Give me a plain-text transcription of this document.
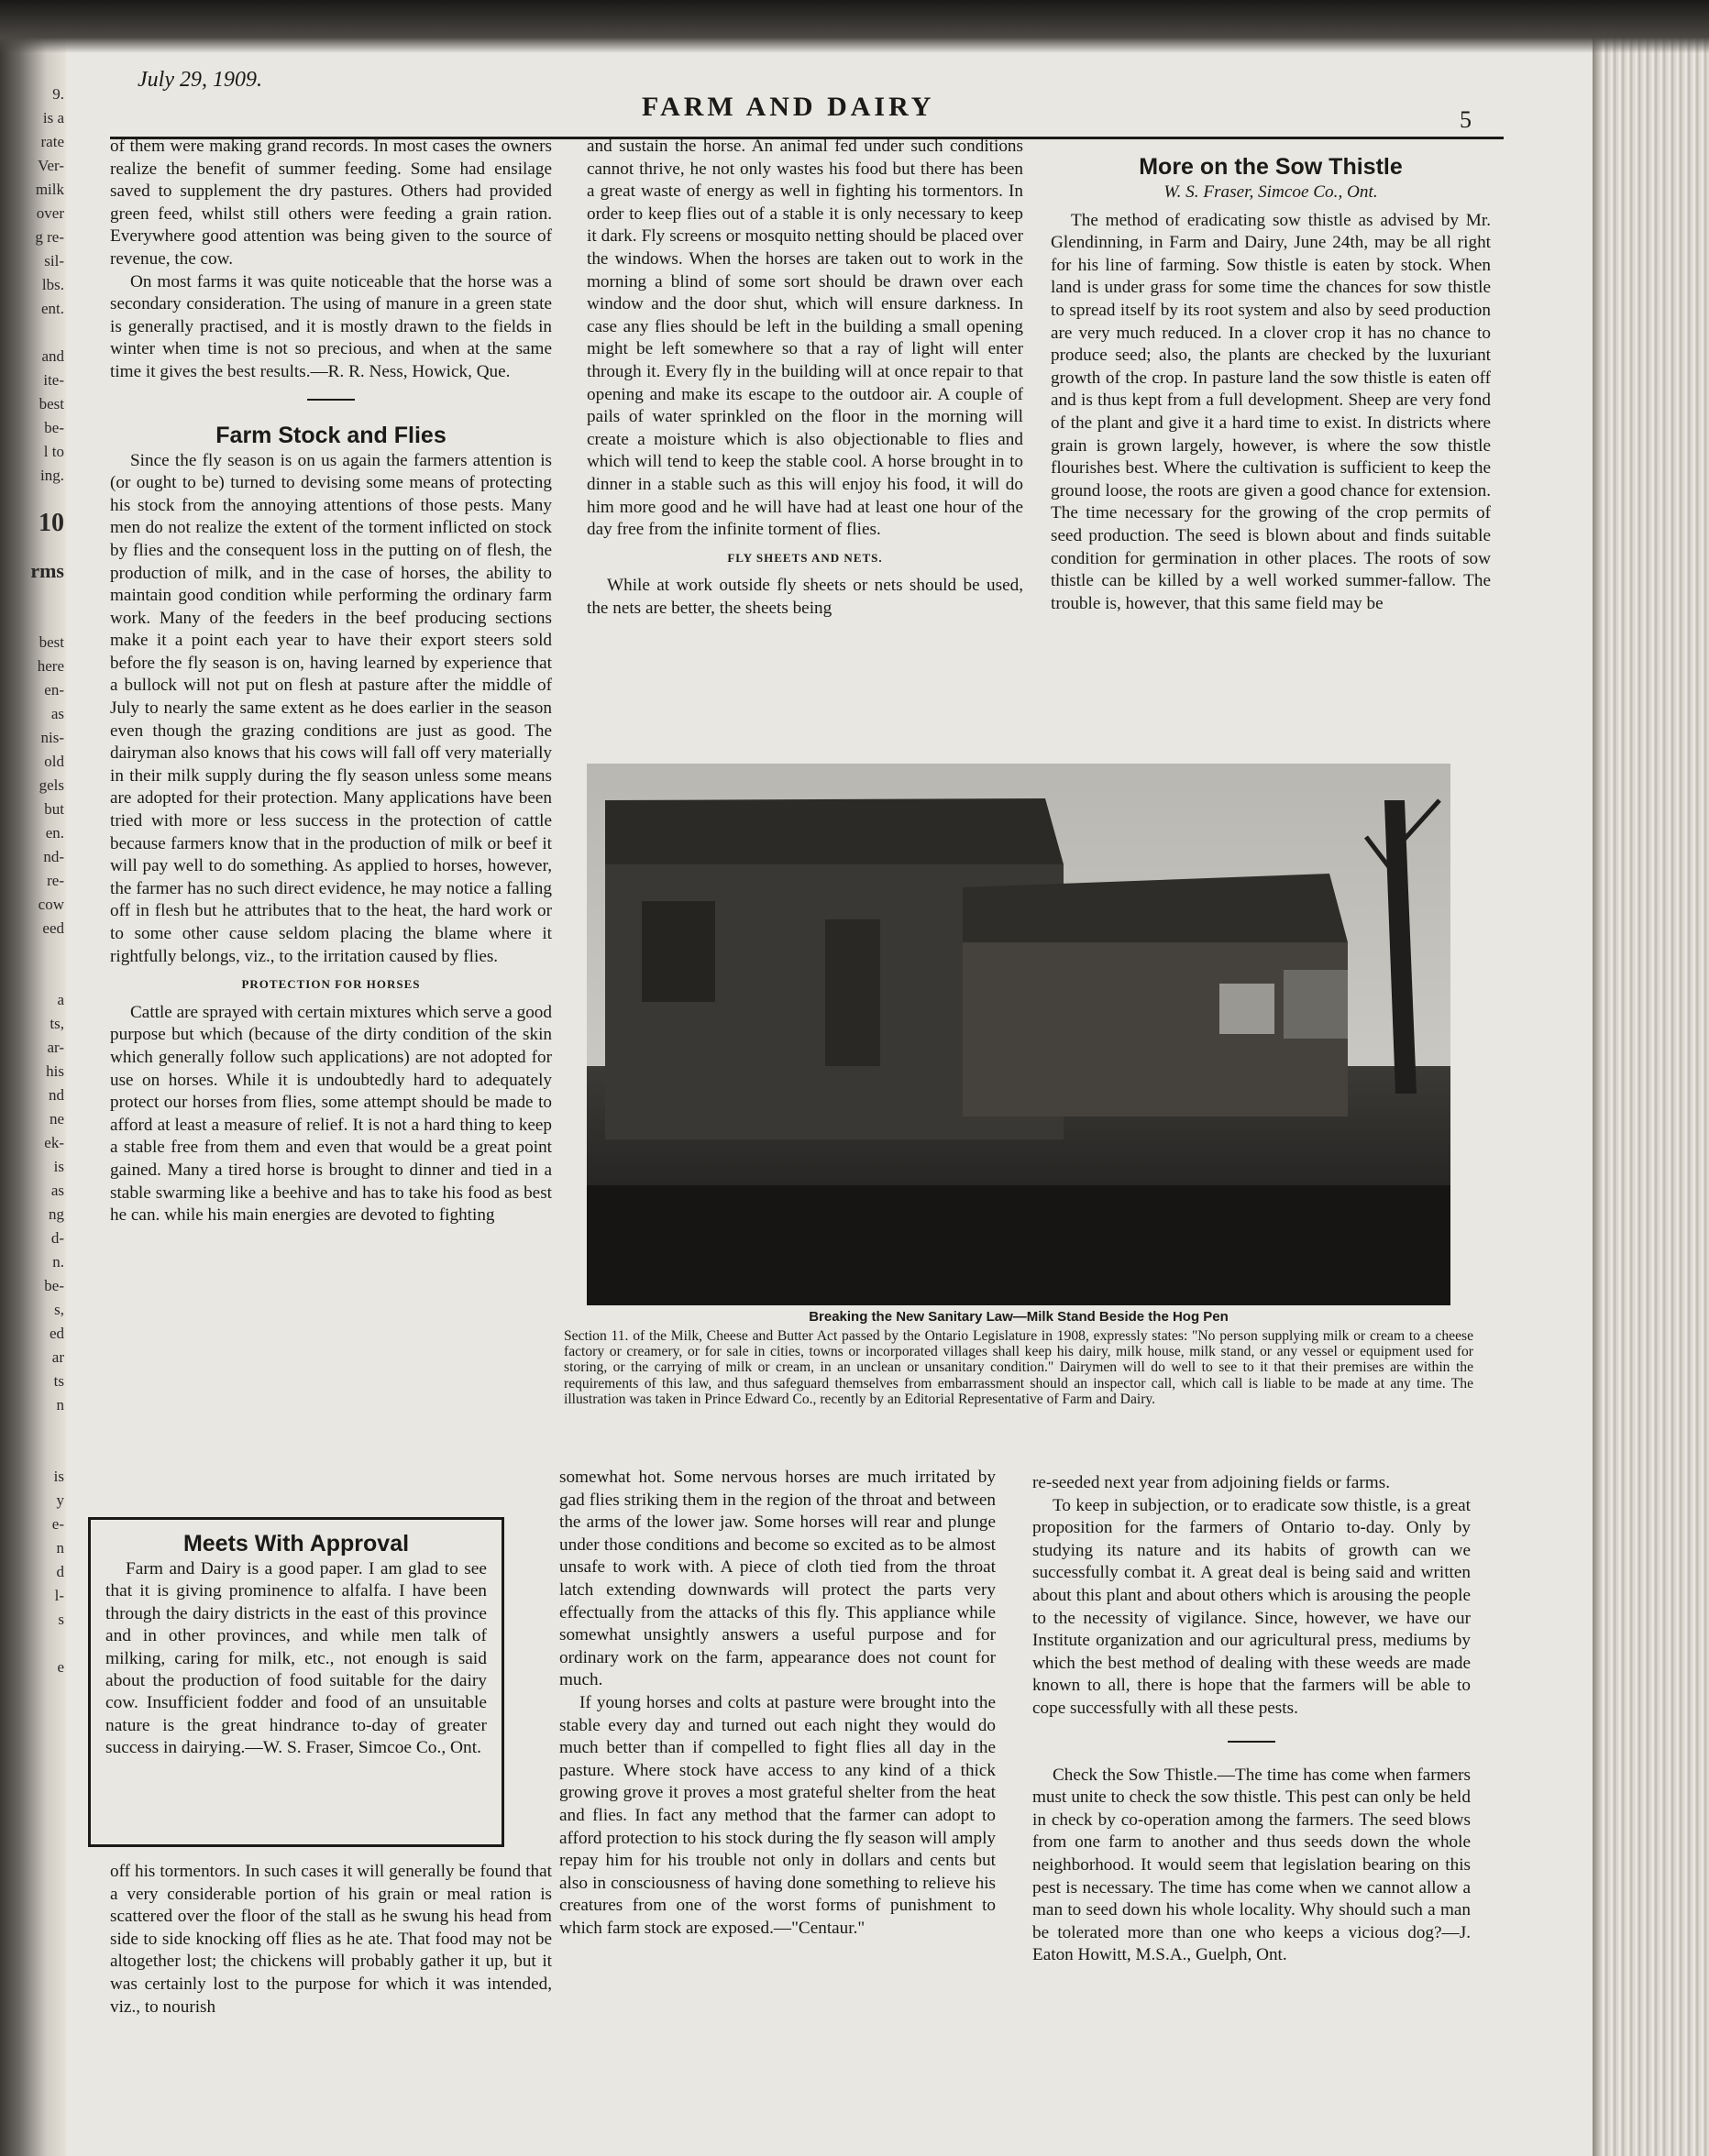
9.
is a
rate
Ver-
milk
over
g re-
sil-
lbs.
ent.

and
ite-
best
be-
l to
ing.

10

rms

best
here
en-
as
nis-
old
gels
but
en.
nd-
re-
cow
eed

a
ts,
ar-
his
nd
ne
ek-
is
as
ng
d-
n.
be-
s,
ed
ar
ts
n

is
y
e-
n
d
l-
s

e

July 29, 1909.
FARM AND DAIRY	5

of them were making grand records. In most cases the owners realize the benefit of summer feeding. Some had ensilage saved to supplement the dry pastures. Others had provided green feed, whilst still others were feeding a grain ration. Everywhere good attention was being given to the source of revenue, the cow.

On most farms it was quite noticeable that the horse was a secondary consideration. The using of manure in a green state is generally practised, and it is mostly drawn to the fields in winter when time is not so precious, and when at the same time it gives the best results.—R. R. Ness, Howick, Que.

Farm Stock and Flies

Since the fly season is on us again the farmers attention is (or ought to be) turned to devising some means of protecting his stock from the annoying attentions of those pests. Many men do not realize the extent of the torment inflicted on stock by flies and the consequent loss in the putting on of flesh, the production of milk, and in the case of horses, the ability to maintain good condition while performing the ordinary farm work. Many of the feeders in the beef producing sections make it a point each year to have their export steers sold before the fly season is on, having learned by experience that a bullock will not put on flesh at pasture after the middle of July to nearly the same extent as he does earlier in the season even though the grazing conditions are just as good. The dairyman also knows that his cows will fall off very materially in their milk supply during the fly season unless some means are adopted for their protection. Many applications have been tried with more or less success in the protection of cattle because farmers know that in the production of milk or beef it will pay well to do something. As applied to horses, however, the farmer has no such direct evidence, he may notice a falling off in flesh but he attributes that to the heat, the hard work or to some other cause seldom placing the blame where it rightfully belongs, viz., to the irritation caused by flies.

PROTECTION FOR HORSES

Cattle are sprayed with certain mixtures which serve a good purpose but which (because of the dirty condition of the skin which generally follow such applications) are not adopted for use on horses. While it is undoubtedly hard to adequately protect our horses from flies, some attempt should be made to afford at least a measure of relief. It is not a hard thing to keep a stable free from them and even that would be a great point gained. Many a tired horse is brought to dinner and tied in a stable swarming like a beehive and has to take his food as best he can. while his main energies are devoted to fighting

Meets With Approval

Farm and Dairy is a good paper. I am glad to see that it is giving prominence to alfalfa. I have been through the dairy districts in the east of this province and in other provinces, and while men talk of milking, caring for milk, etc., not enough is said about the production of food suitable for the dairy cow. Insufficient fodder and food of an unsuitable nature is the great hindrance to-day of greater success in dairying.—W. S. Fraser, Simcoe Co., Ont.

off his tormentors. In such cases it will generally be found that a very considerable portion of his grain or meal ration is scattered over the floor of the stall as he swung his head from side to side knocking off flies as he ate. That food may not be altogether lost; the chickens will probably gather it up, but it was certainly lost to the purpose for which it was intended, viz., to nourish

and sustain the horse. An animal fed under such conditions cannot thrive, he not only wastes his food but there has been a great waste of energy as well in fighting his tormentors. In order to keep flies out of a stable it is only necessary to keep it dark. Fly screens or mosquito netting should be placed over the windows. When the horses are taken out to work in the morning a blind of some sort should be drawn over each window and the door shut, which will ensure darkness. In case any flies should be left in the building a small opening might be left somewhere so that a ray of light will enter through it. Every fly in the building will at once repair to that opening and make its escape to the outdoor air. A couple of pails of water sprinkled on the floor in the morning will create a moisture which is also objectionable to flies and which will tend to keep the stable cool. A horse brought in to dinner in a stable such as this will enjoy his food, it will do him more good and he will have had at least one hour of the day free from the infinite torment of flies.

FLY SHEETS AND NETS.

While at work outside fly sheets or nets should be used, the nets are better, the sheets being

More on the Sow Thistle
W. S. Fraser, Simcoe Co., Ont.

The method of eradicating sow thistle as advised by Mr. Glendinning, in Farm and Dairy, June 24th, may be all right for his line of farming. Sow thistle is eaten by stock. When land is under grass for some time the chances for sow thistle to spread itself by its root system and also by seed production are very much reduced. In a clover crop it has no chance to produce seed; also, the plants are checked by the luxuriant growth of the crop. In pasture land the sow thistle is eaten off and is thus kept from a full development. Sheep are very fond of the plant and give it a hard time to exist. In districts where grain is grown largely, however, is where the sow thistle flourishes best. Where the cultivation is sufficient to keep the ground loose, the roots are given a good chance for extension. The time necessary for the growing of the crop permits of seed production. The seed is blown about and finds suitable condition for germination in other places. The roots of sow thistle can be killed by a well worked summer-fallow. The trouble is, however, that this same field may be

Breaking the New Sanitary Law—Milk Stand Beside the Hog Pen

Section 11. of the Milk, Cheese and Butter Act passed by the Ontario Legislature in 1908, expressly states: "No person supplying milk or cream to a cheese factory or creamery, or for sale in cities, towns or incorporated villages shall keep his dairy, milk house, milk stand, or any vessel or equipment used for storing, or the carrying of milk or cream, in an unclean or unsanitary condition." Dairymen will do well to see to it that their premises are within the requirements of this law, and thus safeguard themselves from embarrassment should an inspector call, which call is liable to be made at any time. The illustration was taken in Prince Edward Co., recently by an Editorial Representative of Farm and Dairy.

somewhat hot. Some nervous horses are much irritated by gad flies striking them in the region of the throat and between the arms of the lower jaw. Some horses will rear and plunge under those conditions and become so excited as to be almost unsafe to work with. A piece of cloth tied from the throat latch extending downwards will protect the parts very effectually from the attacks of this fly. This appliance while somewhat unsightly answers a useful purpose and for ordinary work on the farm, appearance does not count for much.

If young horses and colts at pasture were brought into the stable every day and turned out each night they would do much better than if compelled to fight flies all day in the pasture. Where stock have access to any kind of a thick growing grove it proves a most grateful shelter from the heat and flies. In fact any method that the farmer can adopt to afford protection to his stock during the fly season will amply repay him for his trouble not only in dollars and cents but also in consciousness of having done something to relieve his creatures from one of the worst forms of punishment to which farm stock are exposed.—"Centaur."

re-seeded next year from adjoining fields or farms.

To keep in subjection, or to eradicate sow thistle, is a great proposition for the farmers of Ontario to-day. Only by studying its nature and its habits of growth can we successfully combat it. A great deal is being said and written about this plant and about others which is arousing the people to the necessity of vigilance. Since, however, we have our Institute organization and our agricultural press, mediums by which the best method of dealing with these weeds are made known to all, there is hope that the farmers will be able to cope successfully with all these pests.

Check the Sow Thistle.—The time has come when farmers must unite to check the sow thistle. This pest can only be held in check by co-operation among the farmers. The seed blows from one farm to another and thus seeds down the whole neighborhood. It would seem that legislation bearing on this pest is necessary. The time has come when we cannot allow a man to seed down his whole locality. Why should such a man be tolerated more than one who keeps a vicious dog?—J. Eaton Howitt, M.S.A., Guelph, Ont.
